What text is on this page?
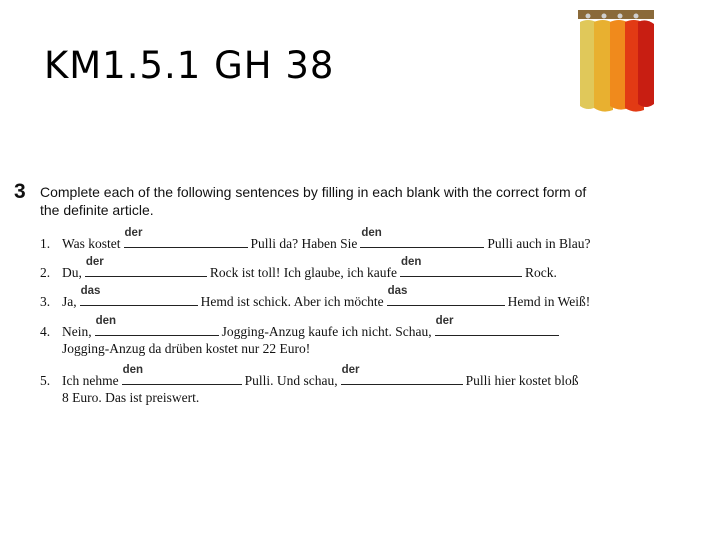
KM1.5.1 GH 38
3 Complete each of the following sentences by filling in each blank with the correct form of
the definite article.
1. Was kostet
der
Pulli da? Haben Sie
den
Pulli auch in Blau?
2. Du,
der
Rock ist toll! Ich glaube, ich kaufe
den
Rock.
3. Ja,
das
Hemd ist schick. Aber ich möchte
das
Hemd in Weiß!
4. Nein,
den
Jogging-Anzug kaufe ich nicht. Schau,
der
Jogging-Anzug da drüben kostet nur 22 Euro!
5. Ich nehme
den
Pulli. Und schau,
der
Pulli hier kostet bloß
8 Euro. Das ist preiswert.
